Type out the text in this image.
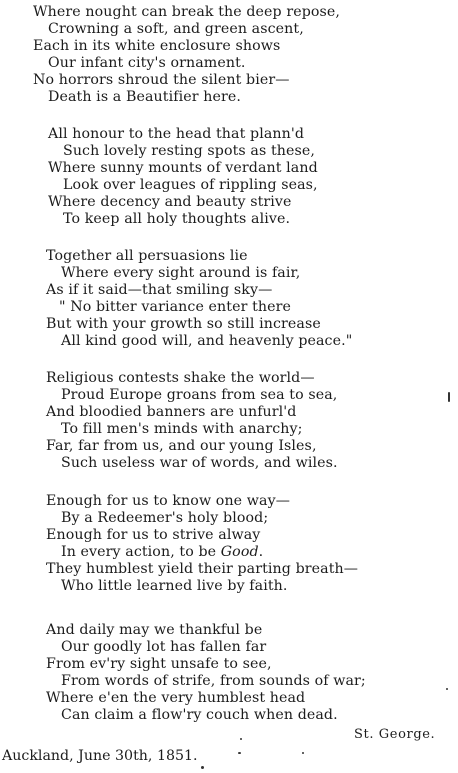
Where nought can break the deep repose,
Crowning a soft, and green ascent,
Each in its white enclosure shows
Our infant city's ornament.
No horrors shroud the silent bier—
Death is a Beautifier here.
All honour to the head that plann'd
Such lovely resting spots as these,
Where sunny mounts of verdant land
Look over leagues of rippling seas,
Where decency and beauty strive
To keep all holy thoughts alive.
Together all persuasions lie
Where every sight around is fair,
As if it said—that smiling sky—
" No bitter variance enter there
But with your growth so still increase
All kind good will, and heavenly peace."
Religious contests shake the world—
Proud Europe groans from sea to sea,
And bloodied banners are unfurl'd
To fill men's minds with anarchy;
Far, far from us, and our young Isles,
Such useless war of words, and wiles.
Enough for us to know one way—
By a Redeemer's holy blood;
Enough for us to strive alway
In every action, to be Good.
They humblest yield their parting breath—
Who little learned live by faith.
And daily may we thankful be
Our goodly lot has fallen far
From ev'ry sight unsafe to see,
From words of strife, from sounds of war;
Where e'en the very humblest head
Can claim a flow'ry couch when dead.
St. George.
Auckland, June 30th, 1851.
